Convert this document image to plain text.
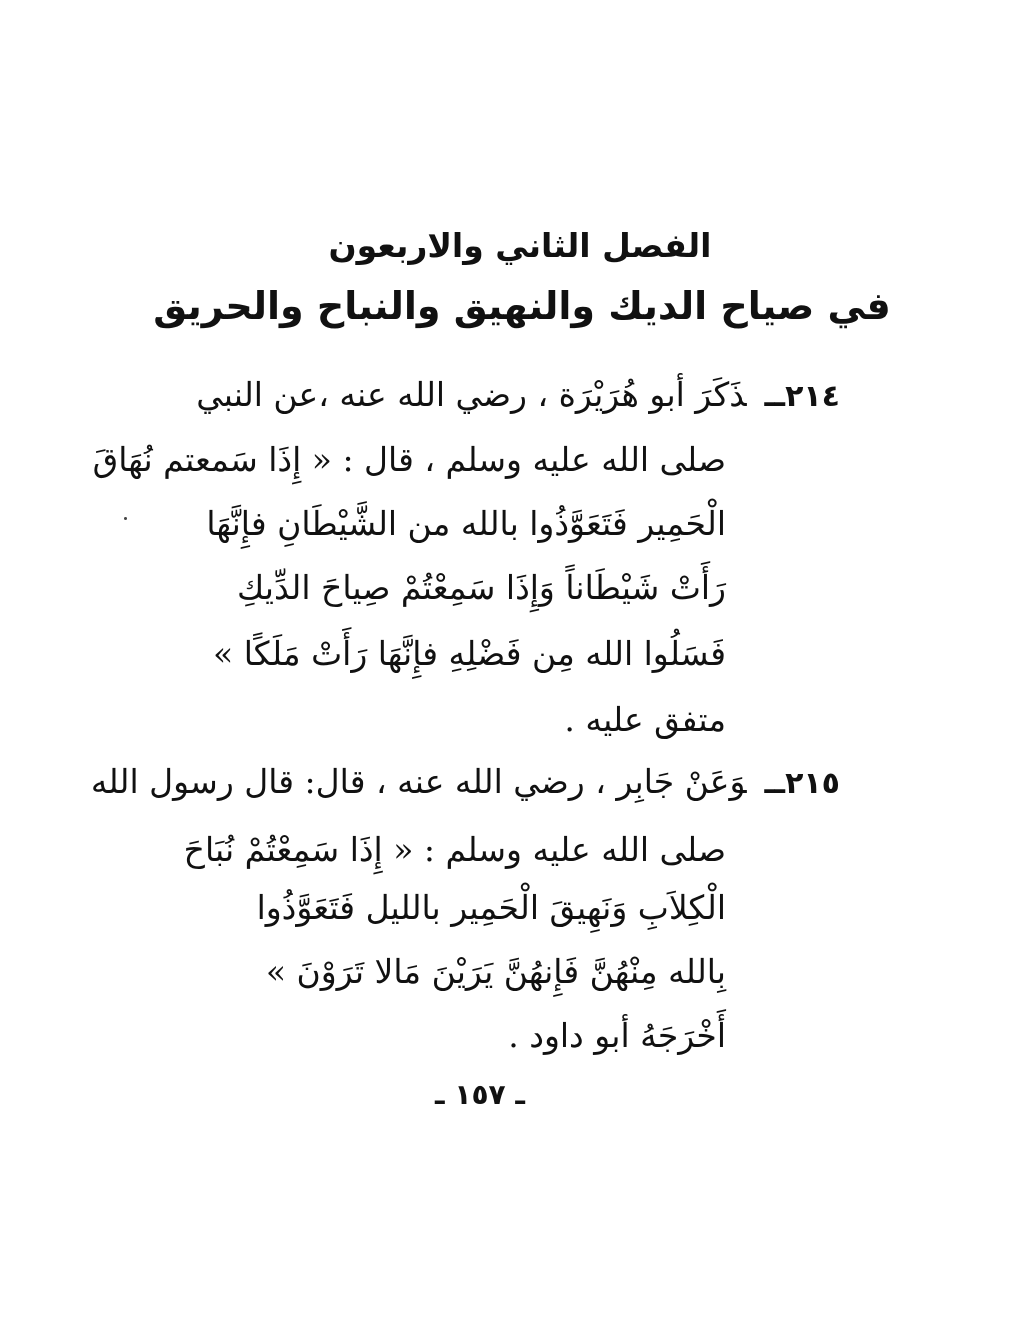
الفصل الثاني والاربعون
في صياح الديك والنهيق والنباح والحريق
٢١٤ــذَكَرَ أبو هُرَيْرَة ، رضي الله عنه ،عن النبي
صلى الله عليه وسلم ، قال : « إِذَا سَمعتم نُهَاقَ
الْحَمِير فَتَعَوَّذُوا بالله من الشَّيْطَانِ فإِنَّهَا
رَأَتْ شَيْطَاناً وَإِذَا سَمِعْتُمْ صِياحَ الدِّيكِ
فَسَلُوا الله مِن فَضْلِهِ فإِنَّهَا رَأَتْ مَلَكًا »
متفق عليه .
٢١٥ــوَعَنْ جَابِر ، رضي الله عنه ، قال: قال رسول الله
صلى الله عليه وسلم : « إِذَا سَمِعْتُمْ نُبَاحَ
الْكِلاَبِ وَنَهِيقَ الْحَمِير بالليل فَتَعَوَّذُوا
بِالله مِنْهُنَّ فَإِنهُنَّ يَرَيْنَ مَالا تَرَوْنَ »
أَخْرَجَهُ أبو داود .
ـ ١٥٧ ـ
